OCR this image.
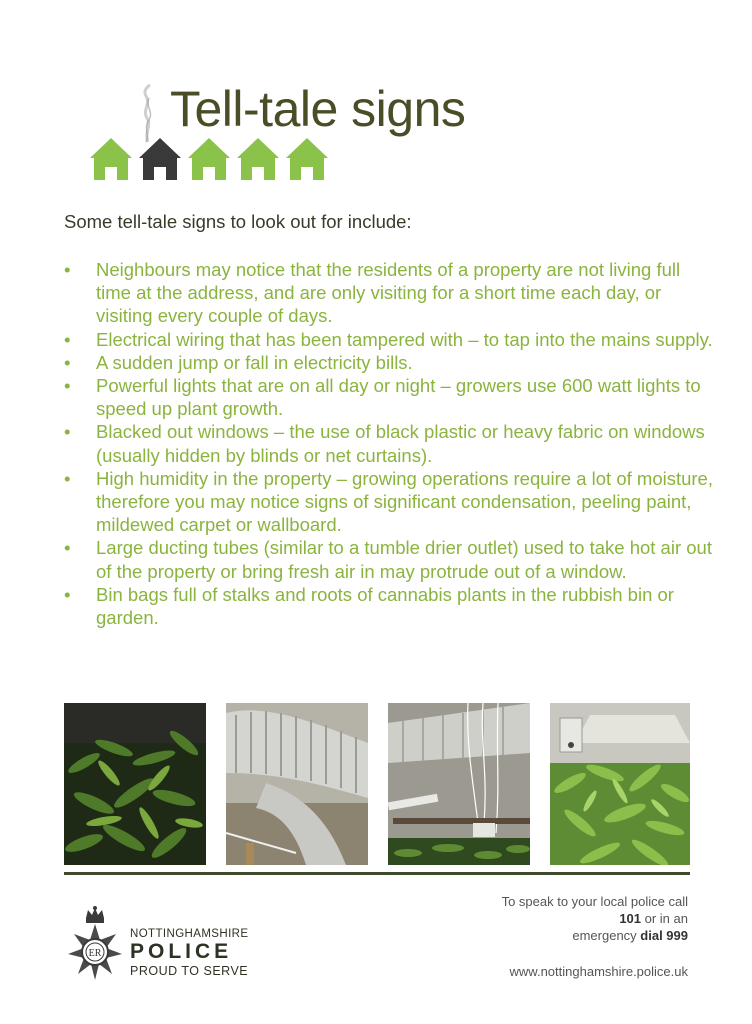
Tell-tale signs

Some tell-tale signs to look out for include:

• Neighbours may notice that the residents of a property are not living full time at the address, and are only visiting for a short time each day, or visiting every couple of days.
• Electrical wiring that has been tampered with – to tap into the mains supply.
• A sudden jump or fall in electricity bills.
• Powerful lights that are on all day or night – growers use 600 watt lights to speed up plant growth.
• Blacked out windows – the use of black plastic or heavy fabric on windows (usually hidden by blinds or net curtains).
• High humidity in the property – growing operations require a lot of moisture, therefore you may notice signs of significant condensation, peeling paint, mildewed carpet or wallboard.
• Large ducting tubes (similar to a tumble drier outlet) used to take hot air out of the property or bring fresh air in may protrude out of a window.
• Bin bags full of stalks and roots of cannabis plants in the rubbish bin or garden.
ER
NOTTINGHAMSHIRE
POLICE
PROUD TO SERVE
To speak to your local police call
101 or in an
emergency dial 999
www.nottinghamshire.police.uk
